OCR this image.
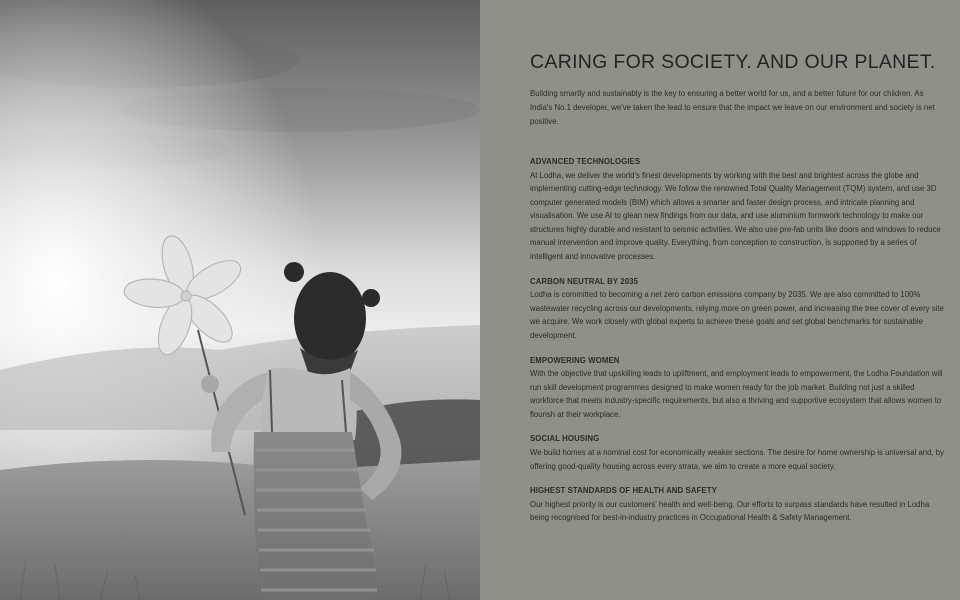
CARING FOR SOCIETY. AND OUR PLANET.

Building smartly and sustainably is the key to ensuring a better world for us, and a better future for our children. As India's No.1 developer, we've taken the lead to ensure that the impact we leave on our environment and society is net positive.

ADVANCED TECHNOLOGIES

At Lodha, we deliver the world's finest developments by working with the best and brightest across the globe and implementing cutting-edge technology. We follow the renowned Total Quality Management (TQM) system, and use 3D computer generated models (BIM) which allows a smarter and faster design process, and intricate planning and visualisation. We use AI to glean new findings from our data, and use aluminium formwork technology to make our structures highly durable and resistant to seismic activities. We also use pre-fab units like doors and windows to reduce manual intervention and improve quality. Everything, from conception to construction, is supported by a series of intelligent and innovative processes.

CARBON NEUTRAL BY 2035

Lodha is committed to becoming a net zero carbon emissions company by 2035. We are also committed to 100% wastewater recycling across our developments, relying more on green power, and increasing the tree cover of every site we acquire. We work closely with global experts to achieve these goals and set global benchmarks for sustainable development.

EMPOWERING WOMEN

With the objective that upskilling leads to upliftment, and employment leads to empowerment, the Lodha Foundation will run skill development programmes designed to make women ready for the job market. Building not just a skilled workforce that meets industry-specific requirements, but also a thriving and supportive ecosystem that allows women to flourish at their workplace.

SOCIAL HOUSING

We build homes at a nominal cost for economically weaker sections. The desire for home ownership is universal and, by offering good-quality housing across every strata, we aim to create a more equal society.

HIGHEST STANDARDS OF HEALTH AND SAFETY

Our highest priority is our customers' health and well-being. Our efforts to surpass standards have resulted in Lodha being recognised for best-in-industry practices in Occupational Health & Safety Management.
